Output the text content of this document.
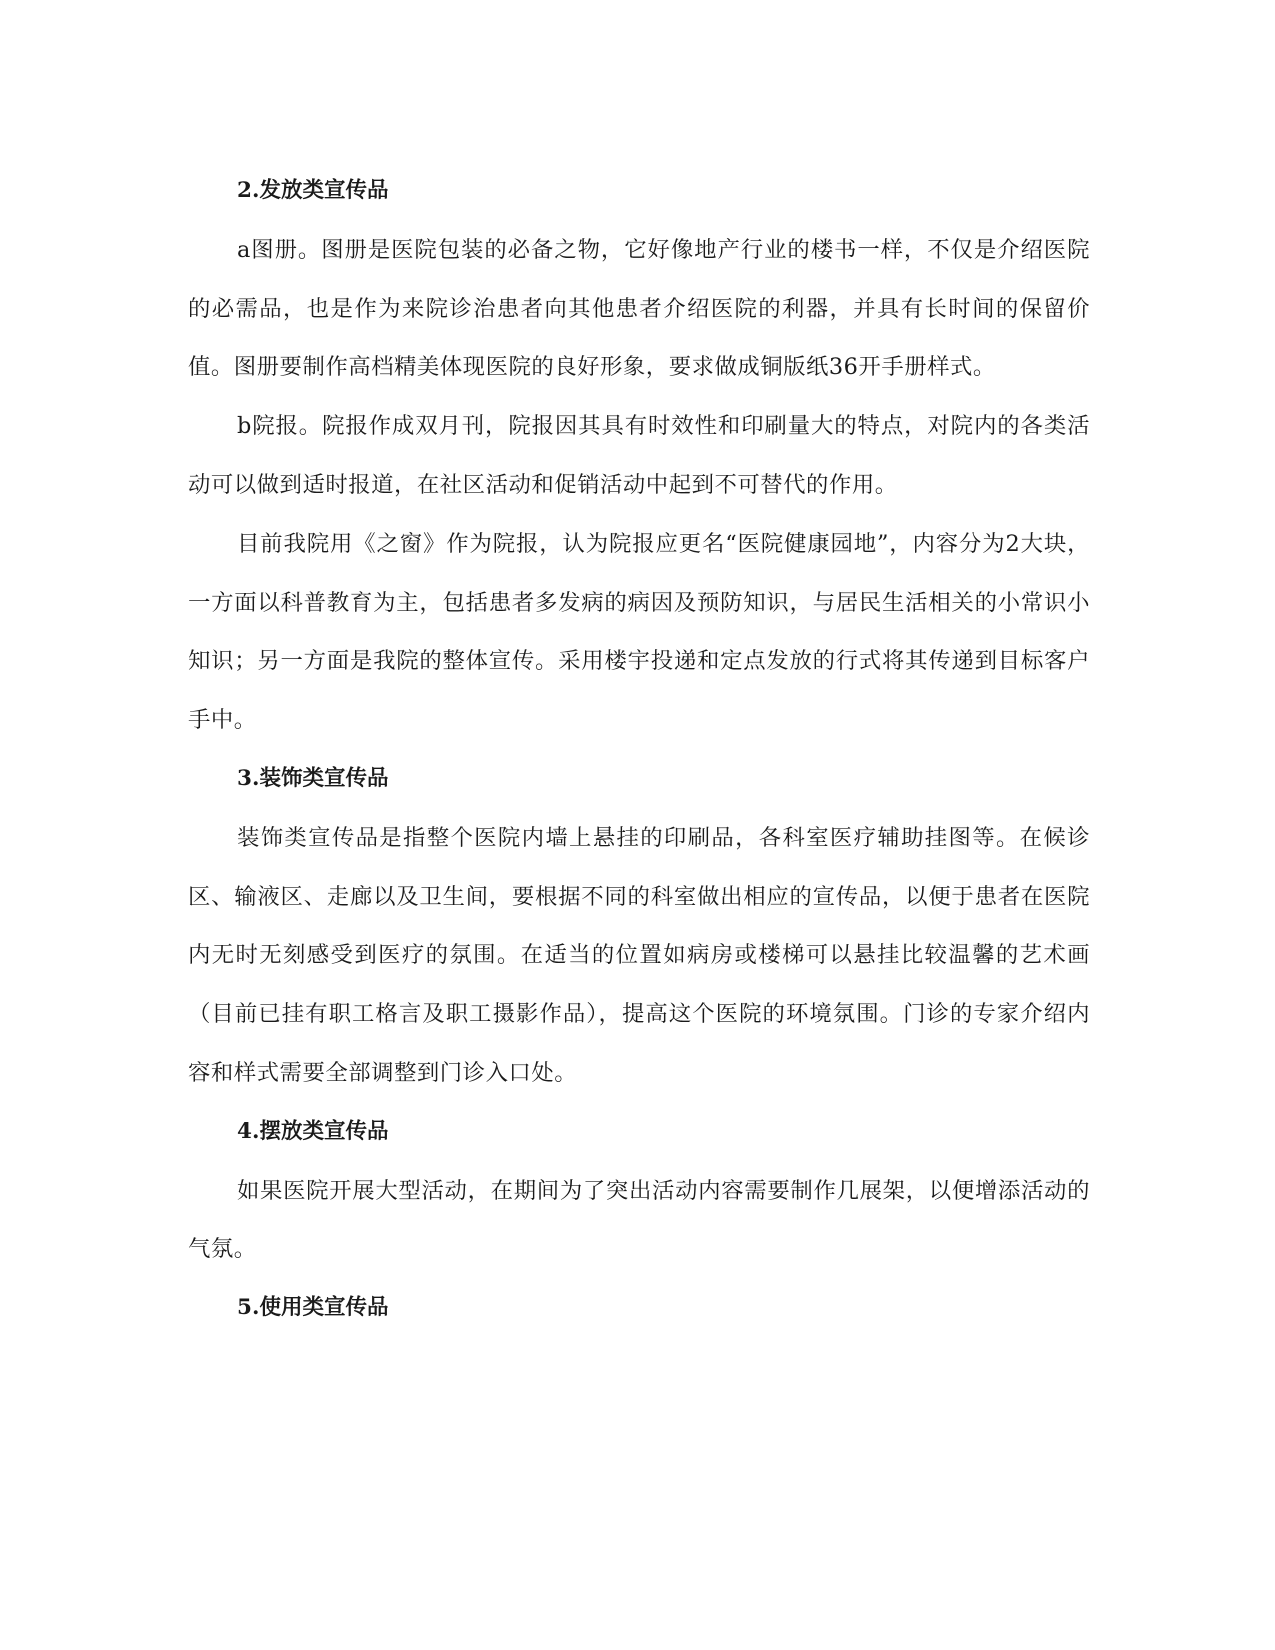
2.发放类宣传品

a图册。图册是医院包装的必备之物，它好像地产行业的楼书一样，不仅是介绍医院的必需品，也是作为来院诊治患者向其他患者介绍医院的利器，并具有长时间的保留价值。图册要制作高档精美体现医院的良好形象，要求做成铜版纸36开手册样式。

b院报。院报作成双月刊，院报因其具有时效性和印刷量大的特点，对院内的各类活动可以做到适时报道，在社区活动和促销活动中起到不可替代的作用。

目前我院用《之窗》作为院报，认为院报应更名“医院健康园地”，内容分为2大块，一方面以科普教育为主，包括患者多发病的病因及预防知识，与居民生活相关的小常识小知识；另一方面是我院的整体宣传。采用楼宇投递和定点发放的行式将其传递到目标客户手中。

3.装饰类宣传品

装饰类宣传品是指整个医院内墙上悬挂的印刷品，各科室医疗辅助挂图等。在候诊区、输液区、走廊以及卫生间，要根据不同的科室做出相应的宣传品，以便于患者在医院内无时无刻感受到医疗的氛围。在适当的位置如病房或楼梯可以悬挂比较温馨的艺术画（目前已挂有职工格言及职工摄影作品），提高这个医院的环境氛围。门诊的专家介绍内容和样式需要全部调整到门诊入口处。

4.摆放类宣传品

如果医院开展大型活动，在期间为了突出活动内容需要制作几展架，以便增添活动的气氛。

5.使用类宣传品
